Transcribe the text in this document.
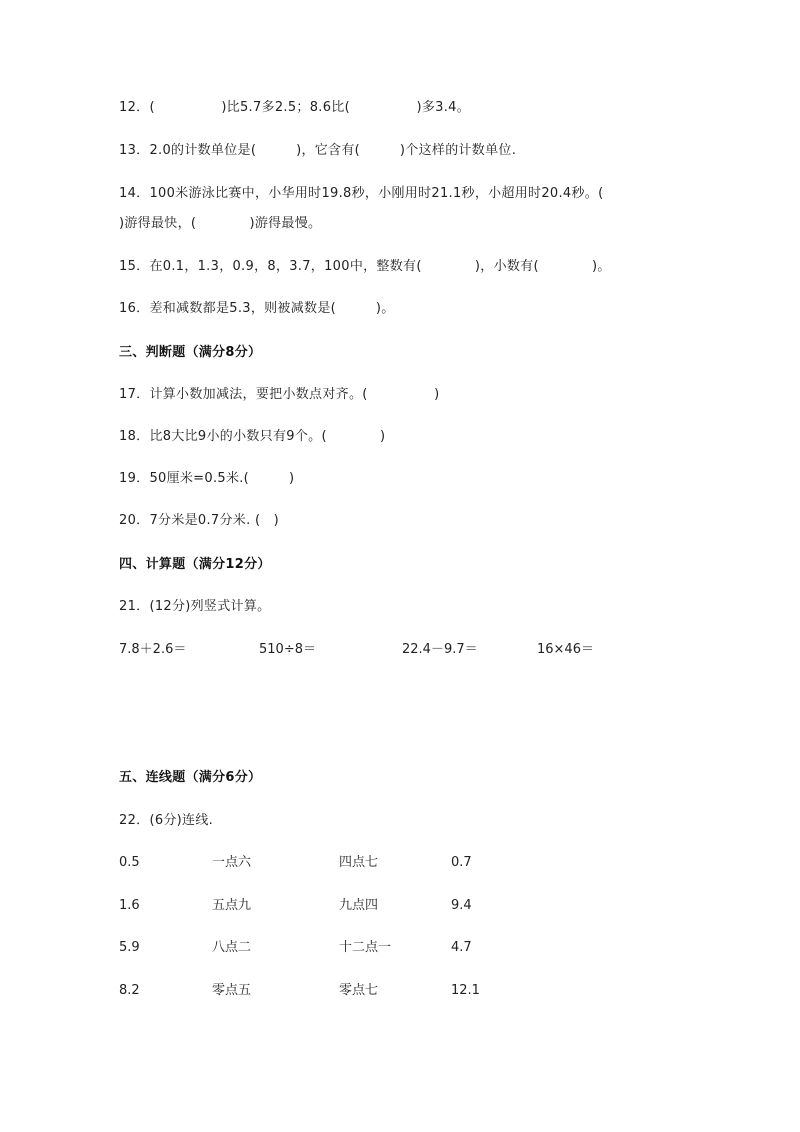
12．(　　　　　)比5.7多2.5；8.6比(　　　　　)多3.4。
13．2.0的计数单位是(　　　)，它含有(　　　)个这样的计数单位.
14．100米游泳比赛中，小华用时19.8秒，小刚用时21.1秒，小超用时20.4秒。(
)游得最快，(　　　　)游得最慢。
15．在0.1，1.3，0.9，8，3.7，100中，整数有(　　　　)，小数有(　　　　)。
16．差和减数都是5.3，则被减数是(　　　)。
三、判断题（满分8分）
17．计算小数加减法，要把小数点对齐。(　　　　　)
18．比8大比9小的小数只有9个。(　　　　)
19．50厘米=0.5米.(　　　)
20．7分米是0.7分米. (　)
四、计算题（满分12分）
21．(12分)列竖式计算。
7.8＋2.6＝	510÷8＝	22.4－9.7＝	16×46＝
五、连线题（满分6分）
22．(6分)连线.
0.5	一点六	四点七	0.7
1.6	五点九	九点四	9.4
5.9	八点二	十二点一	4.7
8.2	零点五	零点七	12.1
